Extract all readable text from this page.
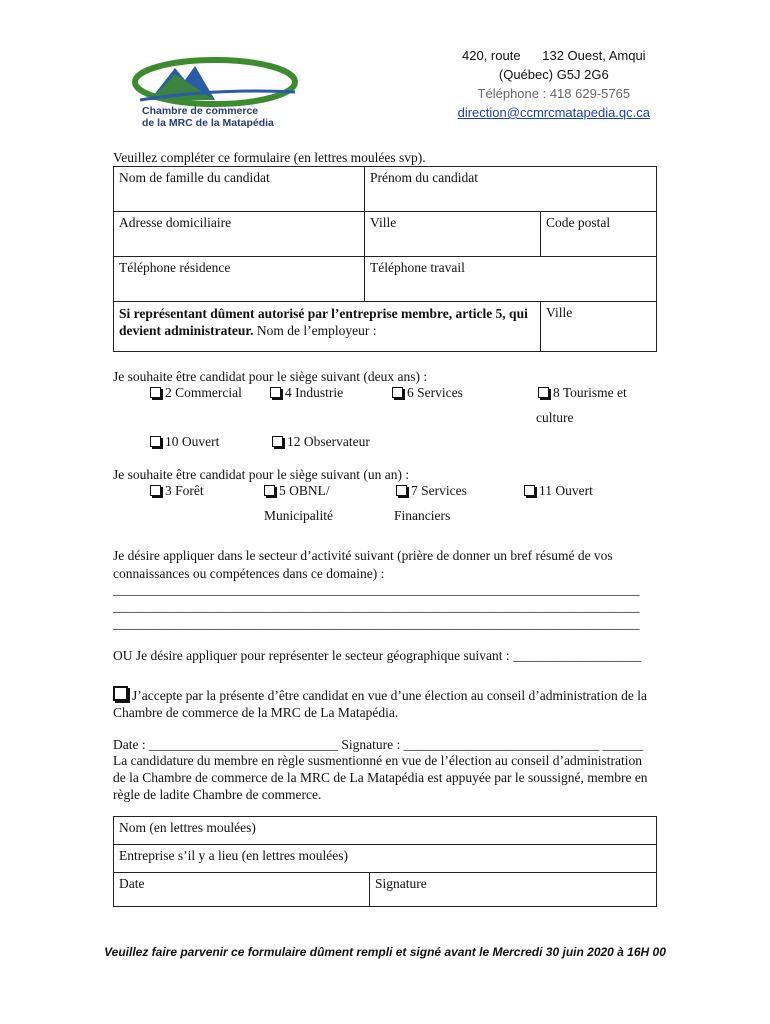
Chambre de commerce
de la MRC de la Matapédia
420, route      132 Ouest, Amqui
(Québec) G5J 2G6
Téléphone : 418 629-5765
direction@ccmrcmatapedia.qc.ca
Veuillez compléter ce formulaire (en lettres moulées svp).
Nom de famille du candidat	Prénom du candidat	
Adresse domiciliaire	Ville	Code postal
Téléphone résidence	Téléphone travail	
Si représentant dûment autorisé par l’entreprise membre, article 5, qui devient administrateur. Nom de l’employeur :		Ville
Je souhaite être candidat pour le siège suivant (deux ans) :
2 Commercial	4 Industrie	6 Services	8 Tourisme et
culture
10 Ouvert	12 Observateur
Je souhaite être candidat pour le siège suivant (un an) :
3 Forêt	5 OBNL/
Municipalité
7 Services
Financiers
11 Ouvert
Je désire appliquer dans le secteur d’activité suivant (prière de donner un bref résumé de vos
connaissances ou compétences dans ce domaine) :
______________________________________________________________________________
______________________________________________________________________________
______________________________________________________________________________
OU Je désire appliquer pour représenter le secteur géographique suivant : ___________________
J’accepte par la présente d’être candidat en vue d’une élection au conseil d’administration de la
Chambre de commerce de la MRC de La Matapédia.
Date : ____________________________ Signature : _____________________________ ______
La candidature du membre en règle susmentionné en vue de l’élection au conseil d’administration
de la Chambre de commerce de la MRC de La Matapédia est appuyée par le soussigné, membre en
règle de ladite Chambre de commerce.
Nom (en lettres moulées)
Entreprise s’il y a lieu (en lettres moulées)
Date	Signature
Veuillez faire parvenir ce formulaire dûment rempli et signé avant le Mercredi 30 juin 2020 à 16H 00
